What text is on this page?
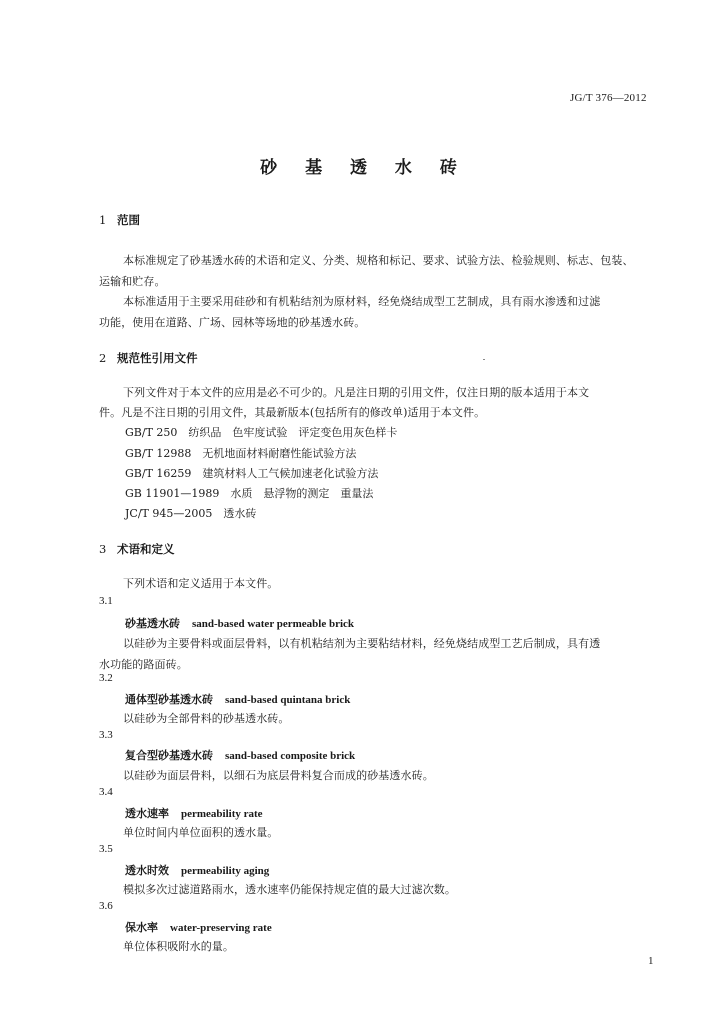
JG/T 376—2012
砂 基 透 水 砖
1 范围
本标准规定了砂基透水砖的术语和定义、分类、规格和标记、要求、试验方法、检验规则、标志、包装、
运输和贮存。
本标准适用于主要采用硅砂和有机粘结剂为原材料，经免烧结成型工艺制成，具有雨水渗透和过滤
功能，使用在道路、广场、园林等场地的砂基透水砖。
2 规范性引用文件
下列文件对于本文件的应用是必不可少的。凡是注日期的引用文件，仅注日期的版本适用于本文
件。凡是不注日期的引用文件，其最新版本(包括所有的修改单)适用于本文件。
GB/T 250　纺织品　色牢度试验　评定变色用灰色样卡
GB/T 12988　无机地面材料耐磨性能试验方法
GB/T 16259　建筑材料人工气候加速老化试验方法
GB 11901—1989　水质　悬浮物的测定　重量法
JC/T 945—2005　透水砖
3 术语和定义
下列术语和定义适用于本文件。
3.1
砂基透水砖 sand-based water permeable brick
以硅砂为主要骨料或面层骨料，以有机粘结剂为主要粘结材料，经免烧结成型工艺后制成，具有透
水功能的路面砖。
3.2
通体型砂基透水砖 sand-based quintana brick
以硅砂为全部骨料的砂基透水砖。
3.3
复合型砂基透水砖 sand-based composite brick
以硅砂为面层骨料，以细石为底层骨料复合而成的砂基透水砖。
3.4
透水速率 permeability rate
单位时间内单位面积的透水量。
3.5
透水时效 permeability aging
模拟多次过滤道路雨水，透水速率仍能保持规定值的最大过滤次数。
3.6
保水率 water-preserving rate
单位体积吸附水的量。
1
